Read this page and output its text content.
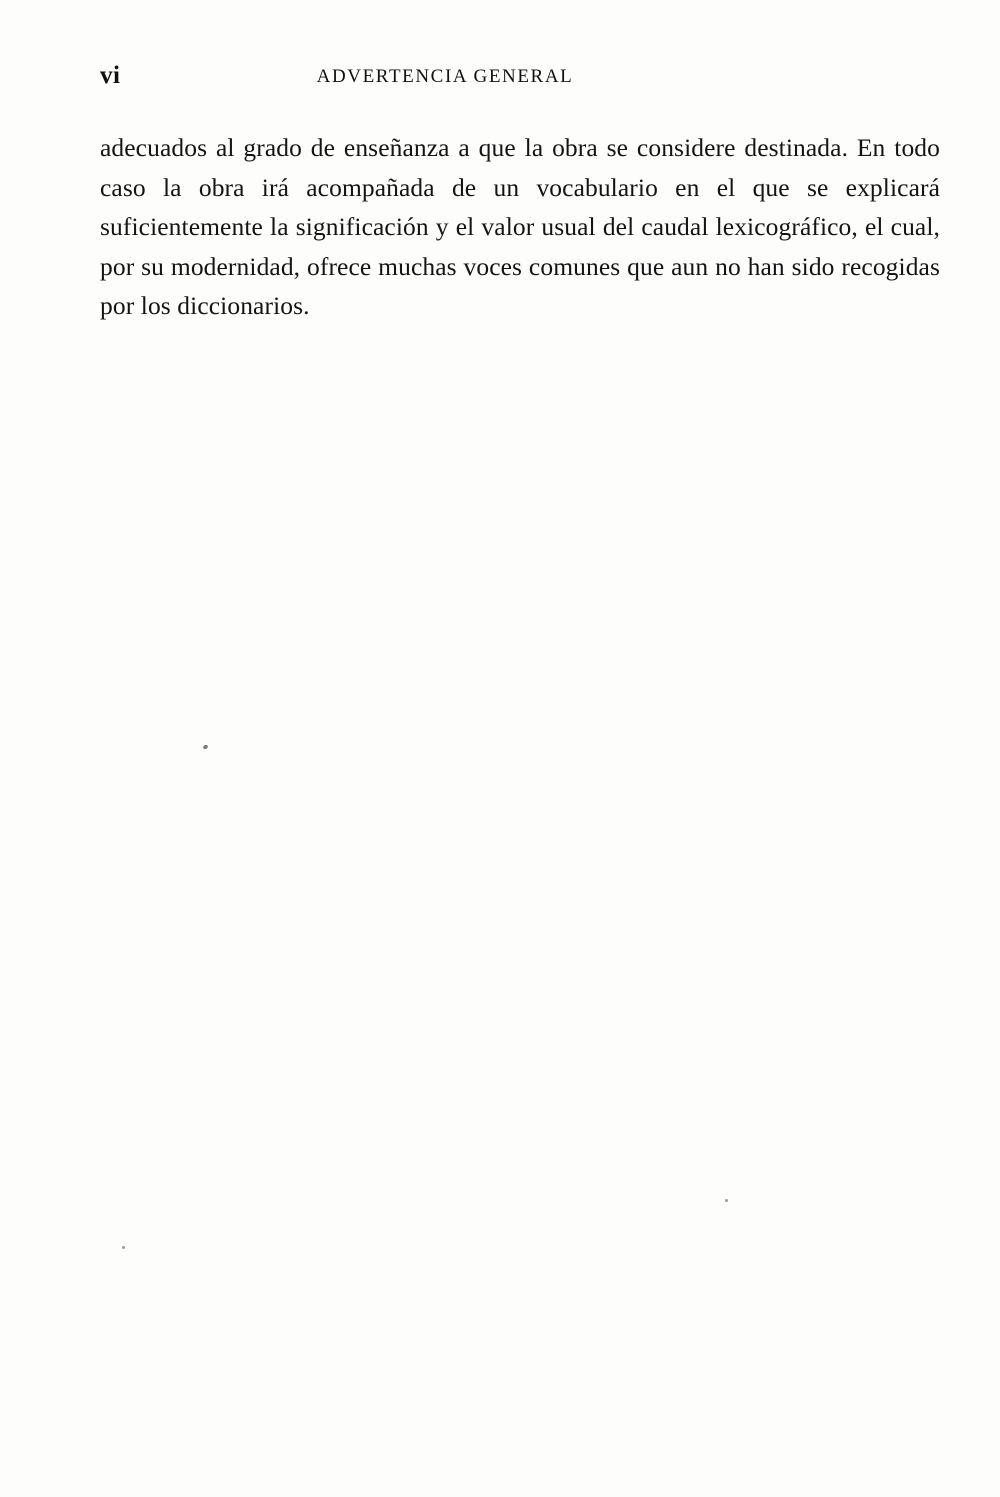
vi	ADVERTENCIA GENERAL

adecuados al grado de enseñanza a que la obra se considere destinada. En todo caso la obra irá acompañada de un vocabulario en el que se explicará suficientemente la significación y el valor usual del caudal lexicográfico, el cual, por su modernidad, ofrece muchas voces comunes que aun no han sido recogidas por los diccionarios.
